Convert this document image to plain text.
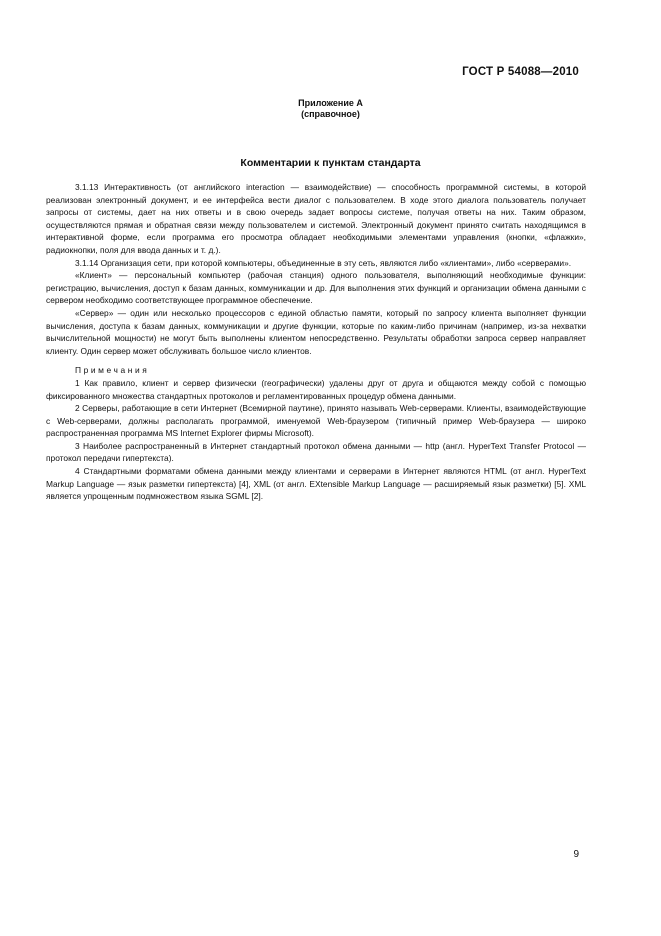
ГОСТ Р 54088—2010
Приложение А
(справочное)
Комментарии к пунктам стандарта

3.1.13 Интерактивность (от английского interaction — взаимодействие) — способность программной системы, в которой реализован электронный документ, и ее интерфейса вести диалог с пользователем. В ходе этого диалога пользователь получает запросы от системы, дает на них ответы и в свою очередь задает вопросы системе, получая ответы на них. Таким образом, осуществляются прямая и обратная связи между пользователем и системой. Электронный документ принято считать находящимся в интерактивной форме, если программа его просмотра обладает необходимыми элементами управления (кнопки, «флажки», радиокнопки, поля для ввода данных и т. д.).

3.1.14 Организация сети, при которой компьютеры, объединенные в эту сеть, являются либо «клиентами», либо «серверами».

«Клиент» — персональный компьютер (рабочая станция) одного пользователя, выполняющий необходимые функции: регистрацию, вычисления, доступ к базам данных, коммуникации и др. Для выполнения этих функций и организации обмена данными с сервером необходимо соответствующее программное обеспечение.

«Сервер» — один или несколько процессоров с единой областью памяти, который по запросу клиента выполняет функции вычисления, доступа к базам данных, коммуникации и другие функции, которые по каким-либо причинам (например, из-за нехватки вычислительной мощности) не могут быть выполнены клиентом непосредственно. Результаты обработки запроса сервер направляет клиенту. Один сервер может обслуживать большое число клиентов.

Примечания

1 Как правило, клиент и сервер физически (географически) удалены друг от друга и общаются между собой с помощью фиксированного множества стандартных протоколов и регламентированных процедур обмена данными.

2 Серверы, работающие в сети Интернет (Всемирной паутине), принято называть Web-серверами. Клиенты, взаимодействующие с Web-серверами, должны располагать программой, именуемой Web-браузером (типичный пример Web-браузера — широко распространенная программа MS Internet Explorer фирмы Microsoft).

3 Наиболее распространенный в Интернет стандартный протокол обмена данными — http (англ. HyperText Transfer Protocol — протокол передачи гипертекста).

4 Стандартными форматами обмена данными между клиентами и серверами в Интернет являются HTML (от англ. HyperText Markup Language — язык разметки гипертекста) [4], XML (от англ. EXtensible Markup Language — расширяемый язык разметки) [5]. XML является упрощенным подмножеством языка SGML [2].

9
